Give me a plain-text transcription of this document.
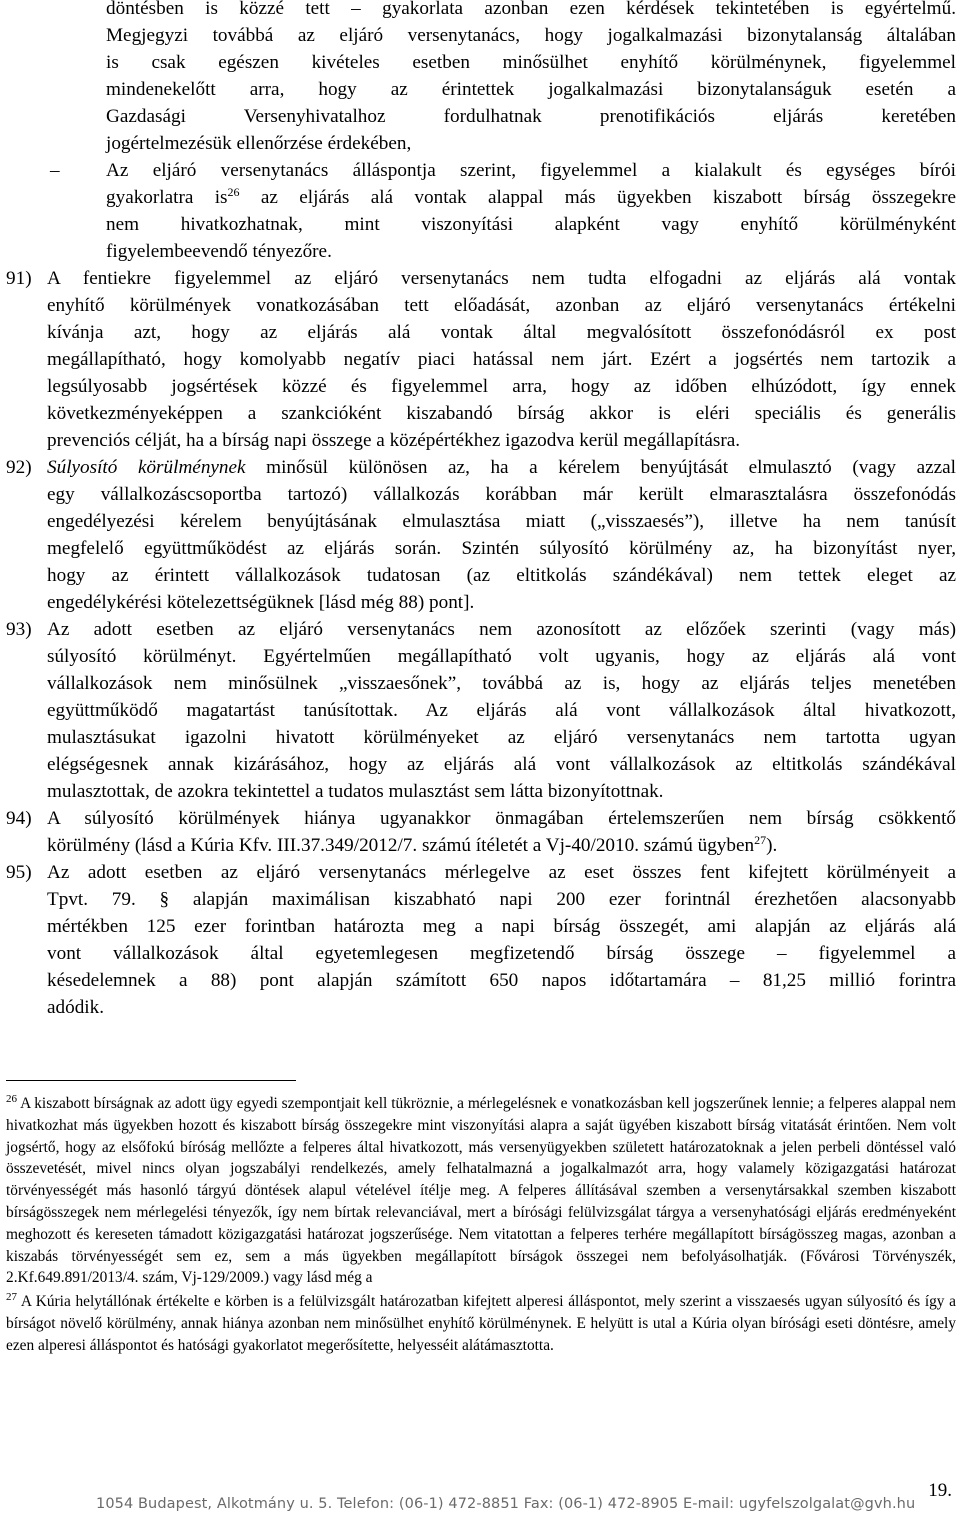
döntésben is közzé tett – gyakorlata azonban ezen kérdések tekintetében is egyértelmű.
Megjegyzi továbbá az eljáró versenytanács, hogy jogalkalmazási bizonytalanság általában
is csak egészen kivételes esetben minősülhet enyhítő körülménynek, figyelemmel
mindenekelőtt arra, hogy az érintettek jogalkalmazási bizonytalanságuk esetén a
Gazdasági Versenyhivatalhoz fordulhatnak prenotifikációs eljárás keretében
jogértelmezésük ellenőrzése érdekében,
– Az eljáró versenytanács álláspontja szerint, figyelemmel a kialakult és egységes bírói
gyakorlatra $is^{26}$ az eljárás alá vontak alappal más ügyekben kiszabott bírság összegekre
nem hivatkozhatnak, mint viszonyítási alapként vagy enyhítő körülményként
figyelembeevendő tényezőre.
91) A fentiekre figyelemmel az eljáró versenytanács nem tudta elfogadni az eljárás alá vontak
enyhítő körülmények vonatkozásában tett előadását, azonban az eljáró versenytanács értékelni
kívánja azt, hogy az eljárás alá vontak által megvalósított összefonódásról ex post
megállapítható, hogy komolyabb negatív piaci hatással nem járt. Ezért a jogsértés nem tartozik a
legsúlyosabb jogsértések közzé és figyelemmel arra, hogy az időben elhúzódott, így ennek
következményeképpen a szankcióként kiszabandó bírság akkor is eléri speciális és generális
prevenciós célját, ha a bírság napi összege a középértékhez igazodva kerül megállapításra.
92) Súlyosító körülménynek minősül különösen az, ha a kérelem benyújtását elmulasztó (vagy azzal
egy vállalkozáscsoportba tartozó) vállalkozás korábban már került elmarasztalásra összefonódás
engedélyezési kérelem benyújtásának elmulasztása miatt („visszaesés”), illetve ha nem tanúsít
megfelelő együttműködést az eljárás során. Szintén súlyosító körülmény az, ha bizonyítást nyer,
hogy az érintett vállalkozások tudatosan (az eltitkolás szándékával) nem tettek eleget az
engedélykérési kötelezettségüknek [lásd még 88) pont].
93) Az adott esetben az eljáró versenytanács nem azonosított az előzőek szerinti (vagy más)
súlyosító körülményt. Egyértelműen megállapítható volt ugyanis, hogy az eljárás alá vont
vállalkozások nem minősülnek „visszaesőnek”, továbbá az is, hogy az eljárás teljes menetében
együttműködő magatartást tanúsítottak. Az eljárás alá vont vállalkozások által hivatkozott,
mulasztásukat igazolni hivatott körülményeket az eljáró versenytanács nem tartotta ugyan
elégségesnek annak kizárásához, hogy az eljárás alá vont vállalkozások az eltitkolás szándékával
mulasztottak, de azokra tekintettel a tudatos mulasztást sem látta bizonyítottnak.
94) A súlyosító körülmények hiánya ugyanakkor önmagában értelemszerűen nem bírság csökkentő
körülmény (lásd a Kúria Kfv. III.37.349/2012/7. számú ítéletét a Vj-40/2010. számú ügyben$^{27}$).
95) Az adott esetben az eljáró versenytanács mérlegelve az eset összes fent kifejtett körülményeit a
Tpvt. 79. § alapján maximálisan kiszabható napi 200 ezer forintnál érezhetően alacsonyabb
mértékben 125 ezer forintban határozta meg a napi bírság összegét, ami alapján az eljárás alá
vont vállalkozások által egyetemlegesen megfizetendő bírság összege – figyelemmel a
késedelemnek a 88) pont alapján számított 650 napos időtartamára – 81,25 millió forintra
adódik.
$^{26}$ A kiszabott bírságnak az adott ügy egyedi szempontjait kell tükröznie, a mérlegelésnek e vonatkozásban kell jogszerűnek lennie; a felperes alappal nem hivatkozhat más ügyekben hozott és kiszabott bírság összegekre mint viszonyítási alapra a saját ügyében kiszabott bírság vitatását érintően. Nem volt jogsértő, hogy az elsőfokú bíróság mellőzte a felperes által hivatkozott, más versenyügyekben született határozatoknak a jelen perbeli döntéssel való összevetését, mivel nincs olyan jogszabályi rendelkezés, amely felhatalmazná a jogalkalmazót arra, hogy valamely közigazgatási határozat törvényességét más hasonló tárgyú döntések alapul vételével ítélje meg. A felperes állításával szemben a versenytársakkal szemben kiszabott bírságösszegek nem mérlegelési tényezők, így nem bírtak relevanciával, mert a bírósági felülvizsgálat tárgya a versenyhatósági eljárás eredményeként meghozott és kereseten támadott közigazgatási határozat jogszerűsége. Nem vitatottan a felperes terhére megállapított bírságösszeg magas, azonban a kiszabás törvényességét sem ez, sem a más ügyekben megállapított bírságok összegei nem befolyásolhatják. (Fővárosi Törvényszék, 2.Kf.649.891/2013/4. szám, Vj-129/2009.) vagy lásd még a
$^{27}$ A Kúria helytállónak értékelte e körben is a felülvizsgált határozatban kifejtett alperesi álláspontot, mely szerint a visszaesés ugyan súlyosító és így a bírságot növelő körülmény, annak hiánya azonban nem minősülhet enyhítő körülménynek. E helyütt is utal a Kúria olyan bírósági eseti döntésre, amely ezen alperesi álláspontot és hatósági gyakorlatot megerősítette, helyesséit alátámasztotta.
19.
1054 Budapest, Alkotmány u. 5. Telefon: (06-1) 472-8851 Fax: (06-1) 472-8905 E-mail: ugyfelszolgalat@gvh.hu
